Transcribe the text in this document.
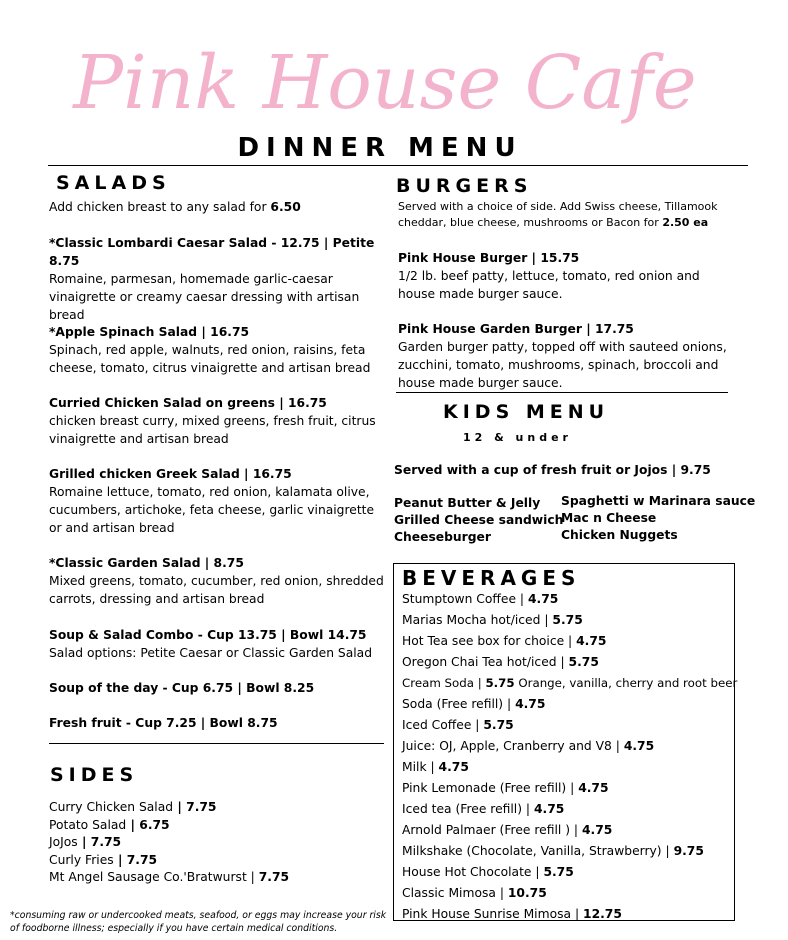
Pink House Cafe
DINNER MENU
SALADS
Add chicken breast to any salad for 6.50
*Classic Lombardi Caesar Salad - 12.75 | Petite 8.75
Romaine, parmesan, homemade garlic-caesar vinaigrette or creamy caesar dressing with artisan bread
*Apple Spinach Salad | 16.75
Spinach, red apple, walnuts, red onion, raisins, feta cheese, tomato, citrus vinaigrette and artisan bread
Curried Chicken Salad on greens | 16.75
chicken breast curry, mixed greens, fresh fruit, citrus vinaigrette and artisan bread
Grilled chicken Greek Salad | 16.75
Romaine lettuce, tomato, red onion, kalamata olive, cucumbers, artichoke, feta cheese, garlic vinaigrette or and artisan bread
*Classic Garden Salad | 8.75
Mixed greens, tomato, cucumber, red onion, shredded carrots, dressing and artisan bread
Soup & Salad Combo - Cup 13.75 | Bowl 14.75
Salad options: Petite Caesar or Classic Garden Salad
Soup of the day - Cup 6.75 | Bowl 8.25
Fresh fruit - Cup 7.25 | Bowl 8.75
SIDES
Curry Chicken Salad | 7.75
Potato Salad | 6.75
JoJos | 7.75
Curly Fries | 7.75
Mt Angel Sausage Co.'Bratwurst | 7.75
*consuming raw or undercooked meats, seafood, or eggs may increase your risk of foodborne illness; especially if you have certain medical conditions.
BURGERS
Served with a choice of side. Add Swiss cheese, Tillamook cheddar, blue cheese, mushrooms or Bacon for 2.50 ea
Pink House Burger | 15.75
1/2 lb. beef patty, lettuce, tomato, red onion and house made burger sauce.
Pink House Garden Burger | 17.75
Garden burger patty, topped off with sauteed onions, zucchini, tomato, mushrooms, spinach, broccoli and house made burger sauce.
KIDS MENU
12 & under
Served with a cup of fresh fruit or Jojos | 9.75
Peanut Butter & Jelly
Grilled Cheese sandwich
Cheeseburger
Spaghetti w Marinara sauce
Mac n Cheese
Chicken Nuggets
BEVERAGES
Stumptown Coffee | 4.75
Marias Mocha hot/iced | 5.75
Hot Tea see box for choice | 4.75
Oregon Chai Tea hot/iced | 5.75
Cream Soda | 5.75 Orange, vanilla, cherry and root beer
Soda (Free refill) | 4.75
Iced Coffee | 5.75
Juice: OJ, Apple, Cranberry and V8 | 4.75
Milk | 4.75
Pink Lemonade (Free refill) | 4.75
Iced tea (Free refill) | 4.75
Arnold Palmaer (Free refill ) | 4.75
Milkshake (Chocolate, Vanilla, Strawberry) | 9.75
House Hot Chocolate | 5.75
Classic Mimosa | 10.75
Pink House Sunrise Mimosa | 12.75
